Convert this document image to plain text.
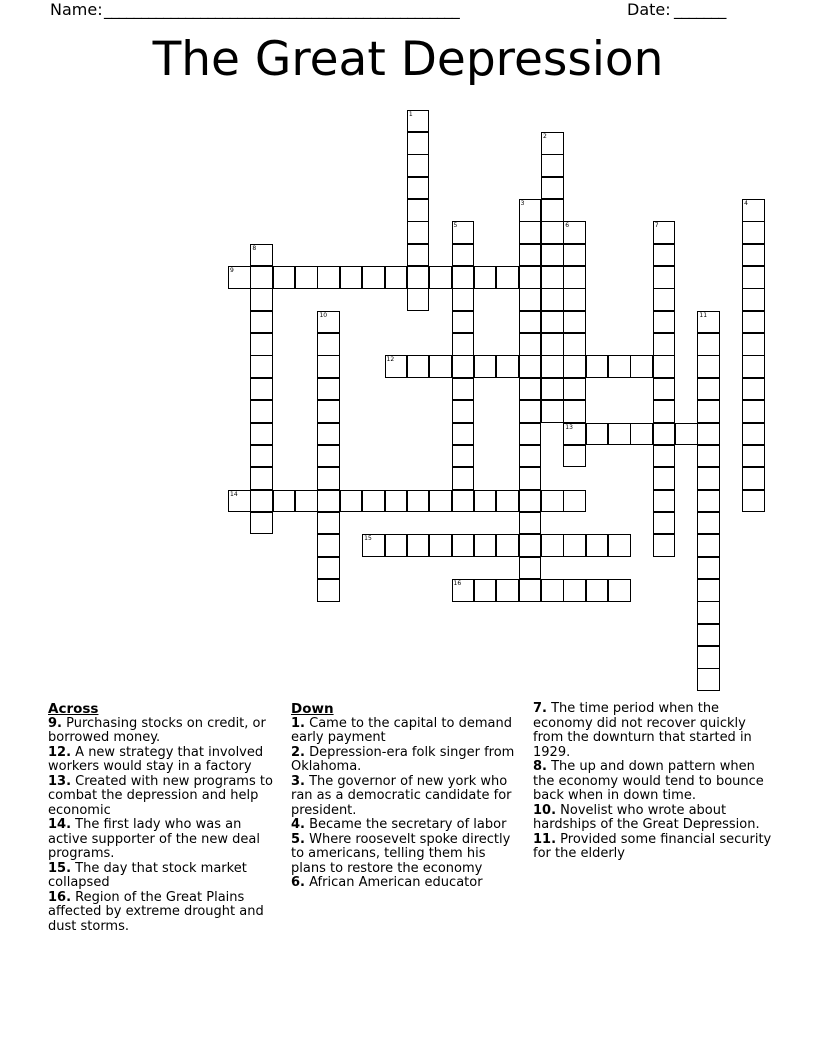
Name: ________________________________________________	Date: _______
The Great Depression
1
2
3	4
5	6	7
8
9
10	11
12
13
14
15
16
Across
9. Purchasing stocks on credit, or borrowed money.
12. A new strategy that involved workers would stay in a factory
13. Created with new programs to combat the depression and help economic
14. The first lady who was an active supporter of the new deal programs.
15. The day that stock market collapsed
16. Region of the Great Plains affected by extreme drought and dust storms.
Down
1. Came to the capital to demand early payment
2. Depression-era folk singer from Oklahoma.
3. The governor of new york who ran as a democratic candidate for president.
4. Became the secretary of labor
5. Where roosevelt spoke directly to americans, telling them his plans to restore the economy
6. African American educator
7. The time period when the economy did not recover quickly from the downturn that started in 1929.
8. The up and down pattern when the economy would tend to bounce back when in down time.
10. Novelist who wrote about hardships of the Great Depression.
11. Provided some financial security for the elderly
